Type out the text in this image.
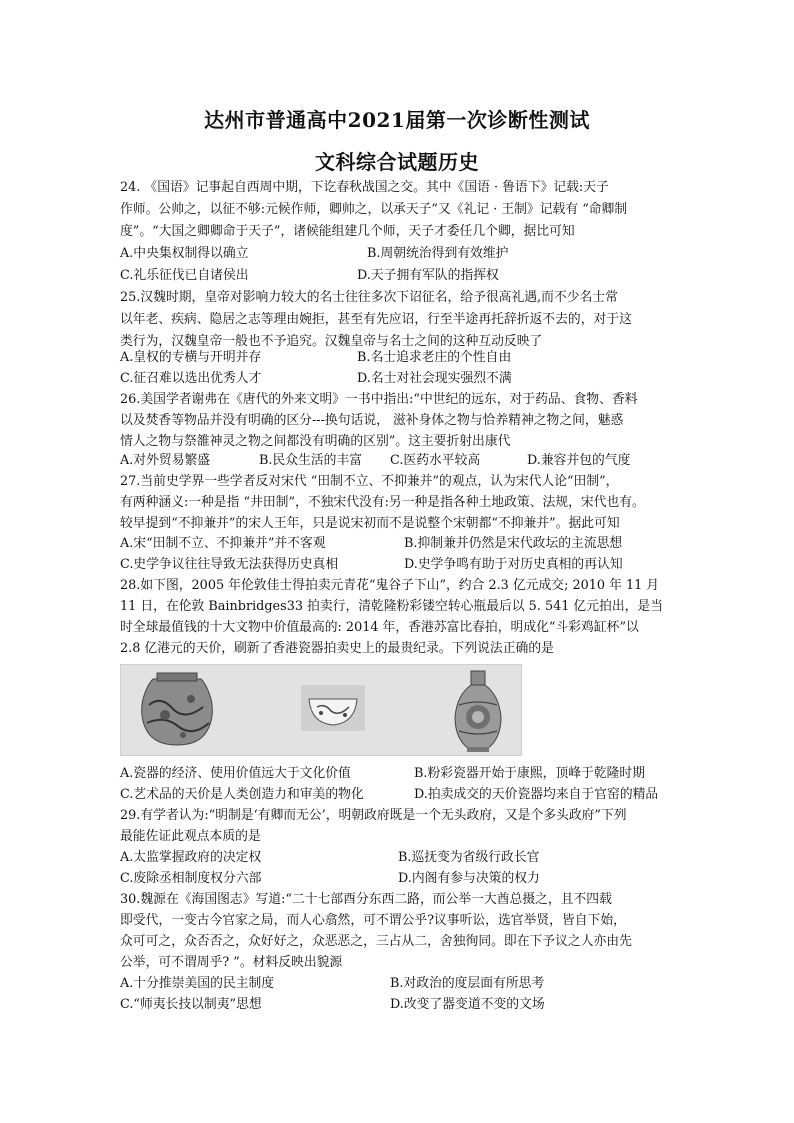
达州市普通高中2021届第一次诊断性测试
文科综合试题历史
24. 《国语》记事起自西周中期，下讫春秋战国之交。其中《国语 · 鲁语下》记载:天子
作师。公帅之，以征不够:元候作师，卿帅之，以承天子”又《礼记 · 王制》记载有 “命卿制
度”。“大国之卿卿命于天子”，诸候能组建几个师，天子才委任几个卿，据比可知
A.中央集权制得以确立	B.周朝统治得到有效维护
C.礼乐征伐已自诸侯出	D.天子拥有军队的指挥权
25.汉魏时期，皇帝对影响力较大的名士往往多次下诏征名，给予很高礼遇,而不少名士常
以年老、疾病、隐居之志等理由婉拒，甚至有先应诏，行至半途再托辞折返不去的，对于这
类行为，汉魏皇帝一般也不予追究。汉魏皇帝与名士之间的这种互动反映了
A.皇权的专横与开明并存	B.名士追求老庄的个性自由
C.征召难以选出优秀人才	D.名士对社会现实强烈不满
26.美国学者谢弗在《唐代的外来文明》一书中指出:“中世纪的远东，对于药品、食物、香料
以及焚香等物品并没有明确的区分---换句话说， 滋补身体之物与恰养精神之物之间，魅惑
情人之物与祭雒神灵之物之间都没有明确的区别”。这主要折射出康代
A.对外贸易繁盛	B.民众生活的丰富 C.医药水平较高	D.兼容并包的气度
27.当前史学界一些学者反对宋代 “田制不立、不抑兼并”的观点，认为宋代人论“田制”，
有两种涵义:一种是指 “井田制”，不独宋代没有:另一种是指各种土地政策、法规，宋代也有。
较早提到“不抑兼并”的宋人王年，只是说宋初而不是说整个宋朝都“不抑兼并”。据此可知
A.宋“田制不立、不抑兼并”并不客观	B.抑制兼并仍然是宋代政坛的主流思想
C.史学争议往往导致无法获得历史真相	D.史学争鸣有助于对历史真相的再认知
28.如下图，2005 年伦敦佳士得拍卖元青花“鬼谷子下山”，约合 2.3 亿元成交; 2010 年 11 月
11 日，在伦敦 Bainbridges33 拍卖行，清乾隆粉彩镂空转心瓶最后以 5. 541 亿元拍出，是当
时全球最值钱的十大文物中价值最高的: 2014 年，香港苏富比春拍，明成化“斗彩鸡缸杯”以
2.8 亿港元的天价，刷新了香港瓷器拍卖史上的最贵纪录。下列说法正确的是
A.瓷器的经济、使用价值远大于文化价值	B.粉彩瓷器开始于康熙，顶峰于乾隆时期
C.艺术品的天价是人类创造力和审美的物化	D.拍卖成交的天价瓷器均来自于官窑的精品
29.有学者认为:“明制是‘有卿而无公’，明朝政府既是一个无头政府，又是个多头政府”下列
最能佐证此观点本质的是
A.太监掌握政府的决定权	B.巡抚变为省级行政长官
C.废除丞相制度权分六部	D.内阁有参与决策的权力
30.魏源在《海国图志》写道:“二十七部酉分东西二路，而公举一大酋总摄之，且不四载
即受代，一变古今官家之局，而人心翕然，可不谓公乎?议事听讼，选官举贤，皆自下始，
众可可之，众否否之，众好好之，众恶恶之，三占从二，舍独徇同。即在下予议之人亦由先
公举，可不谓周乎? ”。材料反映出貌源
A.十分推崇美国的民主制度	B.对政治的度层面有所思考
C.“师夷长技以制夷”思想	D.改变了器变道不变的文场
